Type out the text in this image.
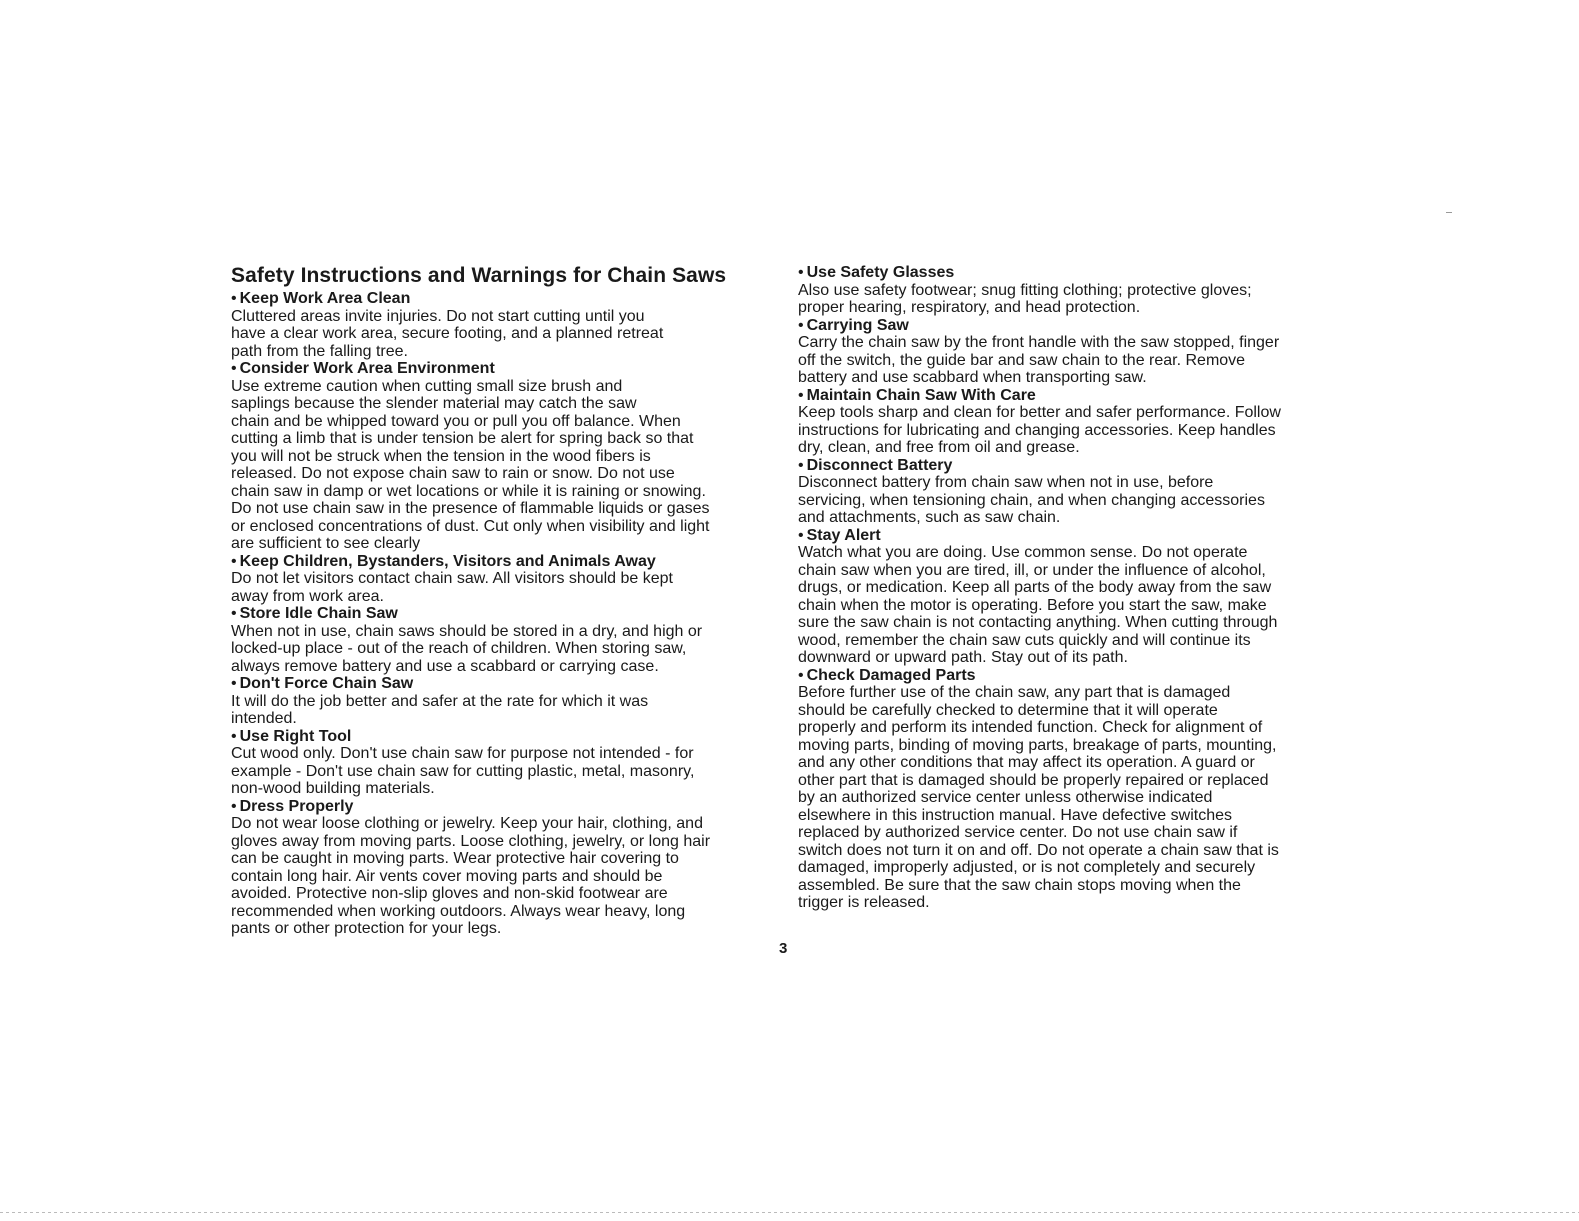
Safety Instructions and Warnings for Chain Saws
• Keep Work Area Clean
Cluttered areas invite injuries. Do not start cutting until you
have a clear work area, secure footing, and a planned retreat
path from the falling tree.
• Consider Work Area Environment
Use extreme caution when cutting small size brush and
saplings because the slender material may catch the saw
chain and be whipped toward you or pull you off balance. When
cutting a limb that is under tension be alert for spring back so that
you will not be struck when the tension in the wood fibers is
released. Do not expose chain saw to rain or snow. Do not use
chain saw in damp or wet locations or while it is raining or snowing.
Do not use chain saw in the presence of flammable liquids or gases
or enclosed concentrations of dust. Cut only when visibility and light
are sufficient to see clearly
• Keep Children, Bystanders, Visitors and Animals Away
Do not let visitors contact chain saw. All visitors should be kept
away from work area.
• Store Idle Chain Saw
When not in use, chain saws should be stored in a dry, and high or
locked-up place - out of the reach of children. When storing saw,
always remove battery and use a scabbard or carrying case.
• Don't Force Chain Saw
It will do the job better and safer at the rate for which it was
intended.
• Use Right Tool
Cut wood only. Don't use chain saw for purpose not intended - for
example - Don't use chain saw for cutting plastic, metal, masonry,
non-wood building materials.
• Dress Properly
Do not wear loose clothing or jewelry. Keep your hair, clothing, and
gloves away from moving parts. Loose clothing, jewelry, or long hair
can be caught in moving parts. Wear protective hair covering to
contain long hair. Air vents cover moving parts and should be
avoided. Protective non-slip gloves and non-skid footwear are
recommended when working outdoors. Always wear heavy, long
pants or other protection for your legs.
• Use Safety Glasses
Also use safety footwear; snug fitting clothing; protective gloves;
proper hearing, respiratory, and head protection.
• Carrying Saw
Carry the chain saw by the front handle with the saw stopped, finger
off the switch, the guide bar and saw chain to the rear. Remove
battery and use scabbard when transporting saw.
• Maintain Chain Saw With Care
Keep tools sharp and clean for better and safer performance. Follow
instructions for lubricating and changing accessories. Keep handles
dry, clean, and free from oil and grease.
• Disconnect Battery
Disconnect battery from chain saw when not in use, before
servicing, when tensioning chain, and when changing accessories
and attachments, such as saw chain.
• Stay Alert
Watch what you are doing. Use common sense. Do not operate
chain saw when you are tired, ill, or under the influence of alcohol,
drugs, or medication. Keep all parts of the body away from the saw
chain when the motor is operating. Before you start the saw, make
sure the saw chain is not contacting anything. When cutting through
wood, remember the chain saw cuts quickly and will continue its
downward or upward path. Stay out of its path.
• Check Damaged Parts
Before further use of the chain saw, any part that is damaged
should be carefully checked to determine that it will operate
properly and perform its intended function. Check for alignment of
moving parts, binding of moving parts, breakage of parts, mounting,
and any other conditions that may affect its operation. A guard or
other part that is damaged should be properly repaired or replaced
by an authorized service center unless otherwise indicated
elsewhere in this instruction manual. Have defective switches
replaced by authorized service center. Do not use chain saw if
switch does not turn it on and off. Do not operate a chain saw that is
damaged, improperly adjusted, or is not completely and securely
assembled. Be sure that the saw chain stops moving when the
trigger is released.
3
